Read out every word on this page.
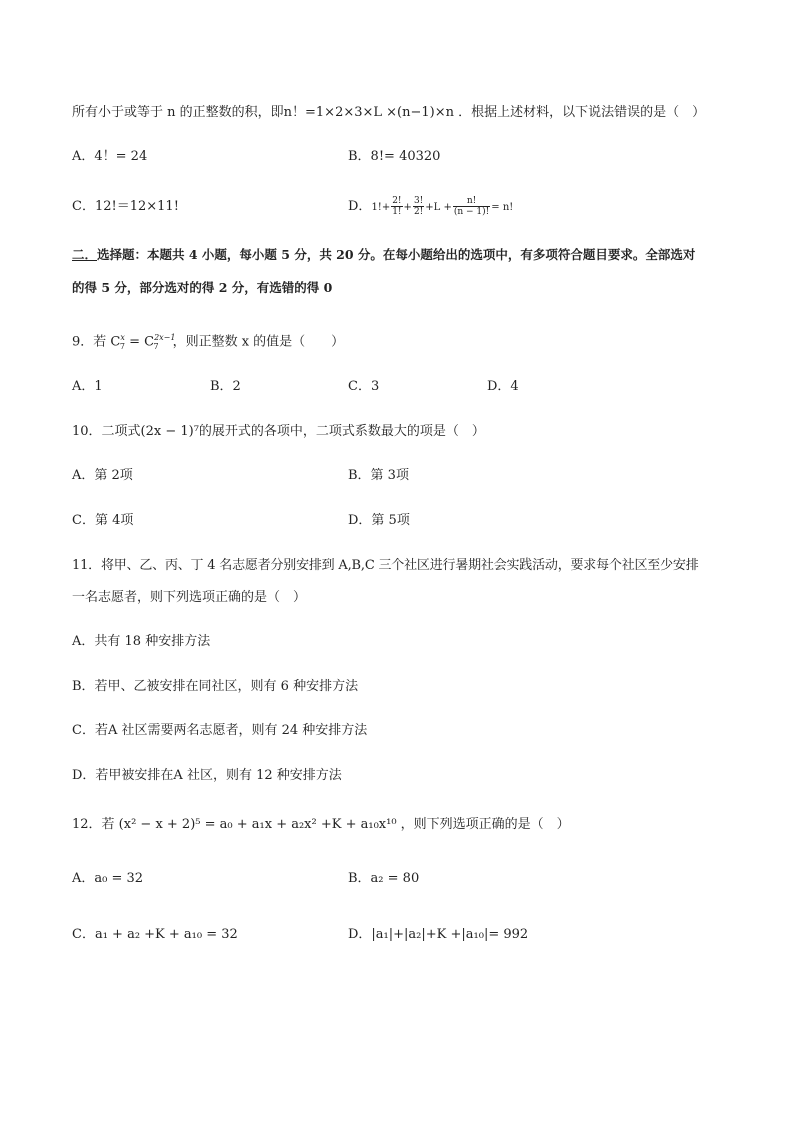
所有小于或等于 n 的正整数的积，即n！=1×2×3×L ×(n−1)×n ．根据上述材料，以下说法错误的是（　）
A．4！= 24	B．8!= 40320
C．12!＝12×11!	D．$1!+ \frac{2!}{1!} + \frac{3!}{2!} +L + \frac{n!}{(n - 1)!} = n$!
二．选择题：本题共 4 小题，每小题 5 分，共 20 分。在每小题给出的选项中，有多项符合题目要求。全部选对
的得 5 分，部分选对的得 2 分，有选错的得 0
9．若 $C^x_7 = C^{2x-1}_7$ ，则正整数 x 的值是（　　）
A．1	B．2	C．3	D．4
10．二项式(2x − 1)⁷的展开式的各项中，二项式系数最大的项是（　）
A．第 2项	B．第 3项
C．第 4项	D．第 5项
11．将甲、乙、丙、丁 4 名志愿者分别安排到 A,B,C 三个社区进行暑期社会实践活动，要求每个社区至少安排
一名志愿者，则下列选项正确的是（　）
A．共有 18 种安排方法
B．若甲、乙被安排在同社区，则有 6 种安排方法
C．若A 社区需要两名志愿者，则有 24 种安排方法
D．若甲被安排在A 社区，则有 12 种安排方法
12．若 (x² − x + 2)⁵ = a₀ + a₁x + a₂x² +K + a₁₀x¹⁰ ，则下列选项正确的是（　）
A．a₀ = 32	B．a₂ = 80
C．a₁ + a₂ +K + a₁₀ = 32	D．|a₁|+|a₂|+K +|a₁₀|= 992
